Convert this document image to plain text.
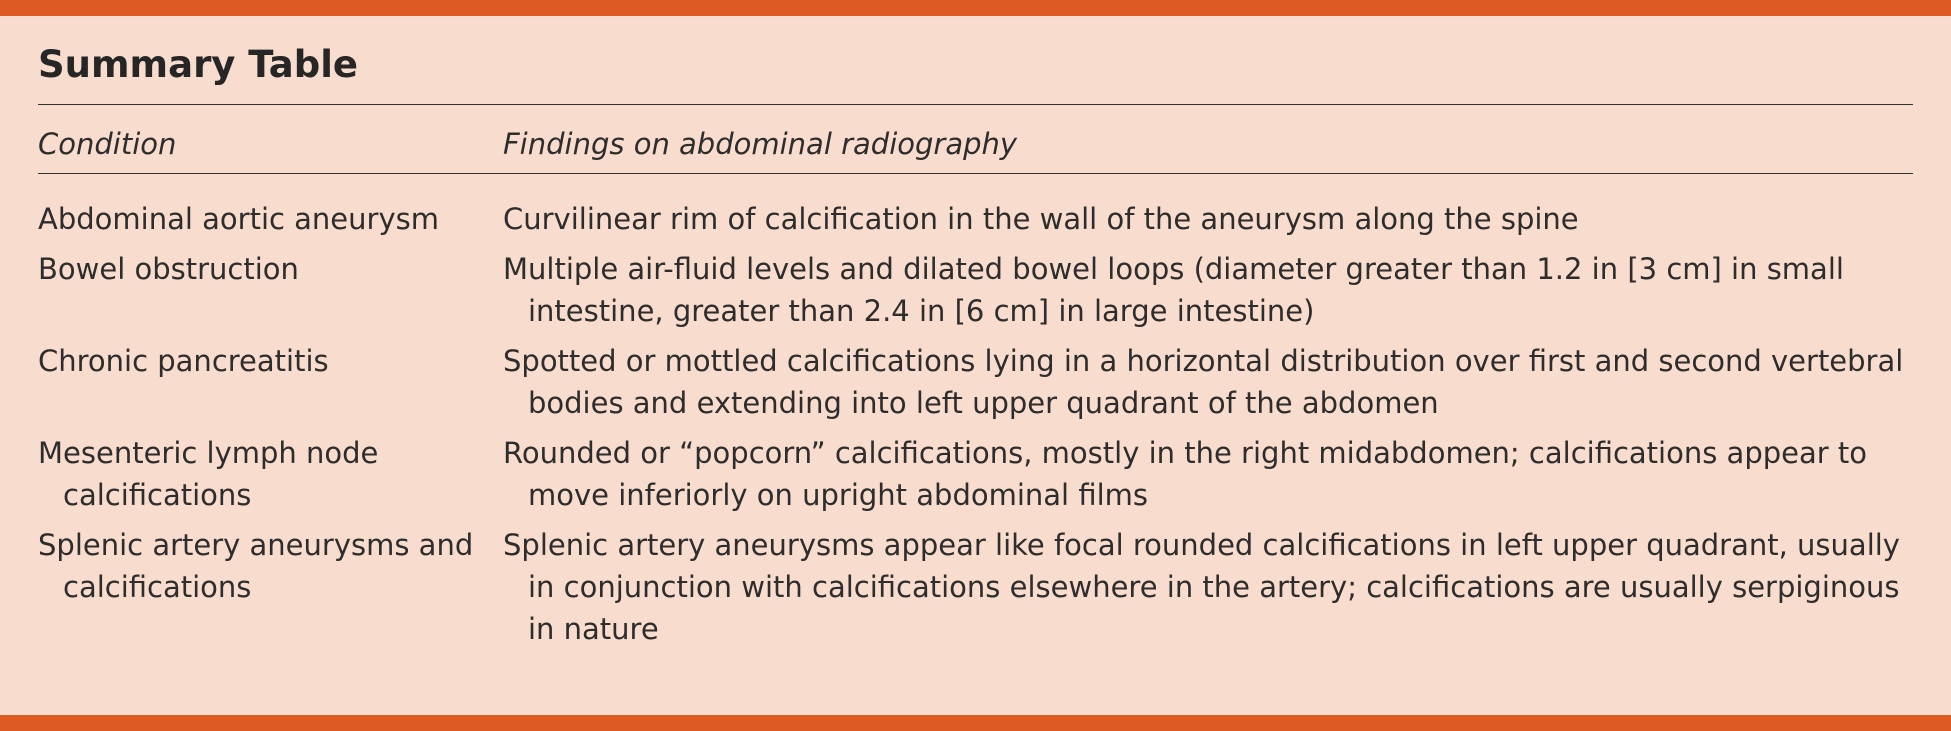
Summary Table
Condition	Findings on abdominal radiography

Abdominal aortic aneurysm	Curvilinear rim of calcification in the wall of the aneurysm along the spine

Bowel obstruction	Multiple air-fluid levels and dilated bowel loops (diameter greater than 1.2 in [3 cm] in small intestine, greater than 2.4 in [6 cm] in large intestine)

Chronic pancreatitis	Spotted or mottled calcifications lying in a horizontal distribution over first and second vertebral bodies and extending into left upper quadrant of the abdomen

Mesenteric lymph node calcifications	Rounded or “popcorn” calcifications, mostly in the right midabdomen; calcifications appear to move inferiorly on upright abdominal films

Splenic artery aneurysms and calcifications	Splenic artery aneurysms appear like focal rounded calcifications in left upper quadrant, usually in conjunction with calcifications elsewhere in the artery; calcifications are usually serpiginous in nature
